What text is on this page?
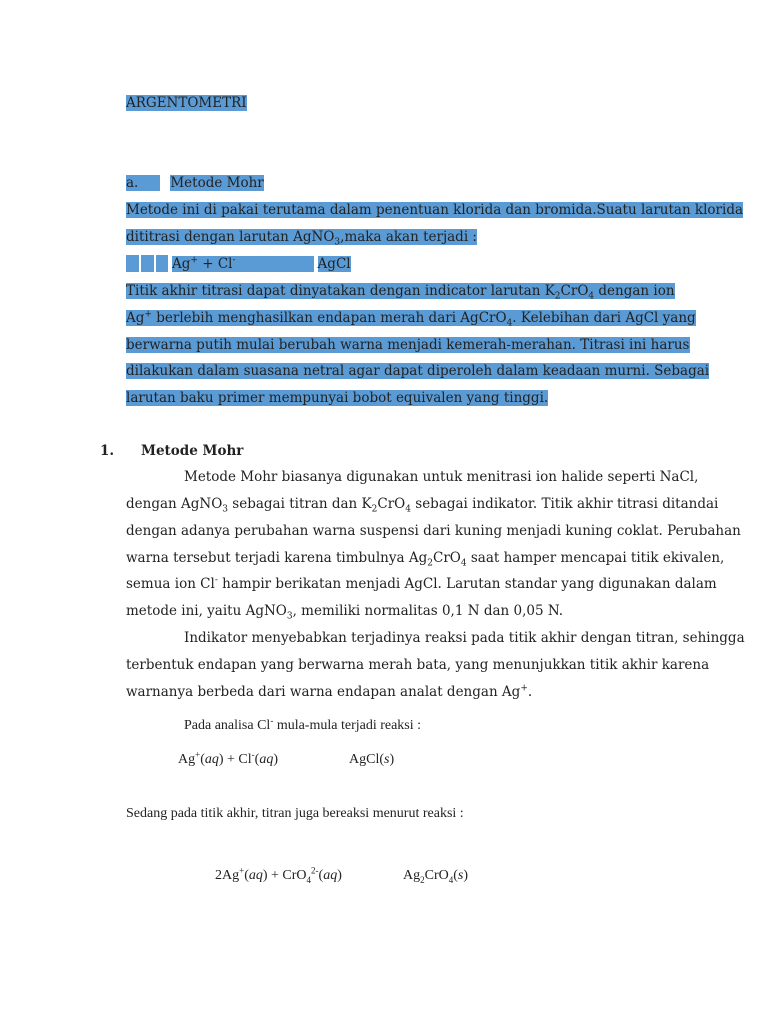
ARGENTOMETRI

a. Metode Mohr

Metode ini di pakai terutama dalam penentuan klorida dan bromida.Suatu larutan klorida

dititrasi dengan larutan AgNO$_3$,maka akan terjadi :

Ag+ + Cl-	AgCl

Titik akhir titrasi dapat dinyatakan dengan indicator larutan $K_2CrO_4$ dengan ion

Ag+ berlebih menghasilkan endapan merah dari AgCrO$_4$. Kelebihan dari AgCl yang

berwarna putih mulai berubah warna menjadi kemerah-merahan. Titrasi ini harus

dilakukan dalam suasana netral agar dapat diperoleh dalam keadaan murni. Sebagai

larutan baku primer mempunyai bobot equivalen yang tinggi.

1. Metode Mohr

Metode Mohr biasanya digunakan untuk menitrasi ion halide seperti NaCl,

dengan AgNO$_3$ sebagai titran dan $K_2CrO_4$ sebagai indikator. Titik akhir titrasi ditandai

dengan adanya perubahan warna suspensi dari kuning menjadi kuning coklat. Perubahan

warna tersebut terjadi karena timbulnya $Ag_2CrO_4$ saat hamper mencapai titik ekivalen,

semua ion Cl- hampir berikatan menjadi AgCl. Larutan standar yang digunakan dalam

metode ini, yaitu AgNO$_3$, memiliki normalitas 0,1 N dan 0,05 N.

Indikator menyebabkan terjadinya reaksi pada titik akhir dengan titran, sehingga

terbentuk endapan yang berwarna merah bata, yang menunjukkan titik akhir karena

warnanya berbeda dari warna endapan analat dengan Ag+.

Pada analisa Cl- mula-mula terjadi reaksi :

Ag+(aq) + Cl-(aq)	AgCl(s)

Sedang pada titik akhir, titran juga bereaksi menurut reaksi :

2Ag+(aq) + CrO$_4^{2-}$(aq)	$Ag_2CrO_4(s)$
